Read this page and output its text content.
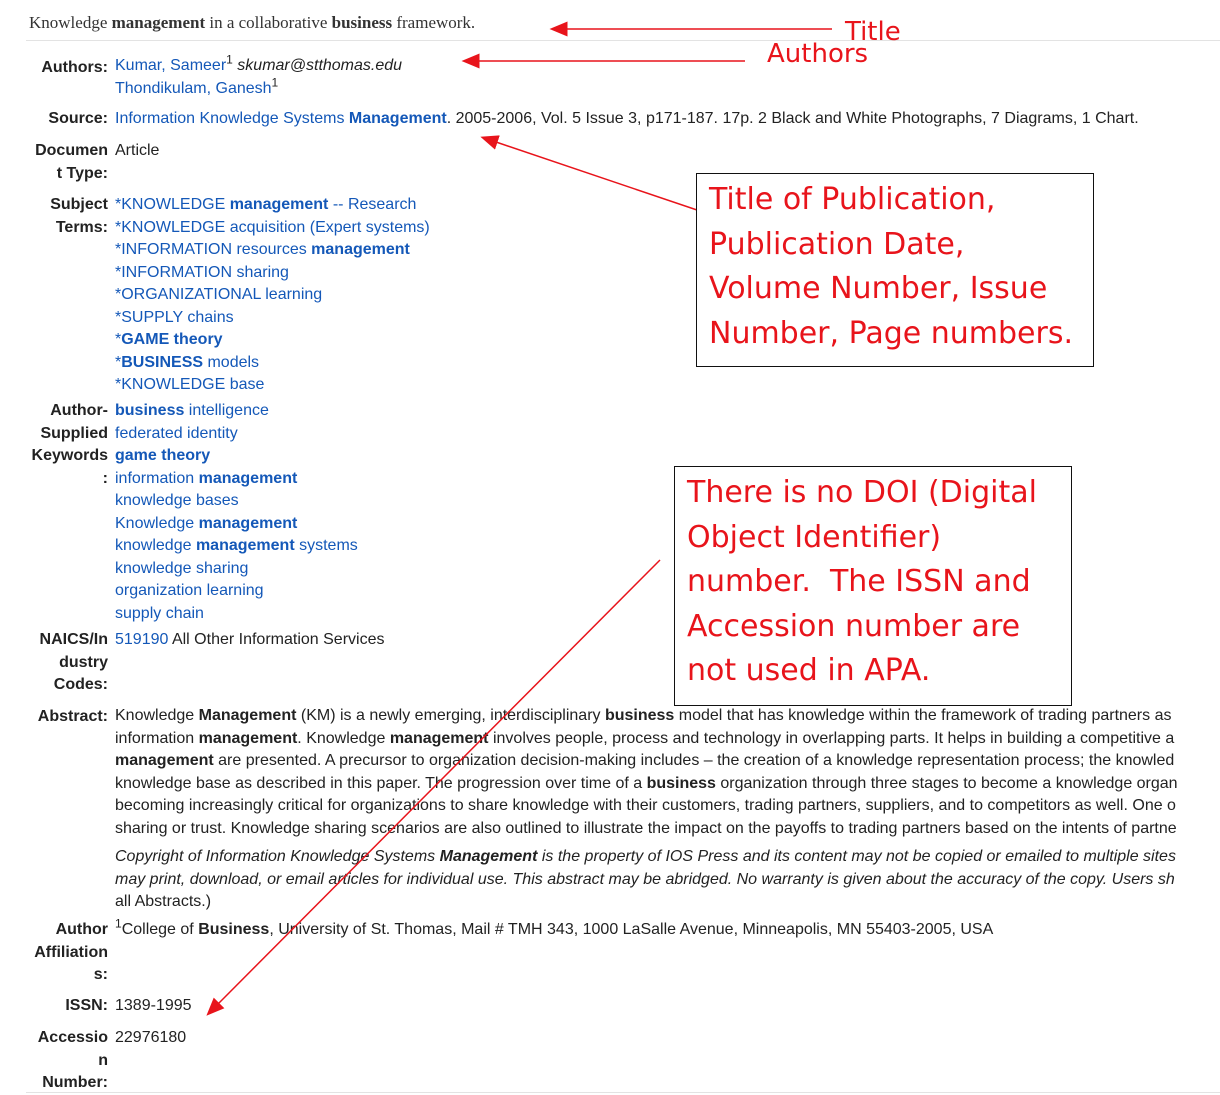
Knowledge management in a collaborative business framework.
Authors: Kumar, Sameer$^1$ skumar@stthomas.edu
Thondikulam, Ganesh$^1$
Source: Information Knowledge Systems Management. 2005-2006, Vol. 5 Issue 3, p171-187. 17p. 2 Black and White Photographs, 7 Diagrams, 1 Chart.
Documen
t Type:
Article
Subject
Terms:
*KNOWLEDGE management -- Research
*KNOWLEDGE acquisition (Expert systems)
*INFORMATION resources management
*INFORMATION sharing
*ORGANIZATIONAL learning
*SUPPLY chains
*GAME theory
*BUSINESS models
*KNOWLEDGE base
Author-
Supplied
Keywords
:
business intelligence
federated identity
game theory
information management
knowledge bases
Knowledge management
knowledge management systems
knowledge sharing
organization learning
supply chain
NAICS/In
dustry
Codes:
519190 All Other Information Services
Abstract: Knowledge Management (KM) is a newly emerging, interdisciplinary business model that has knowledge within the framework of trading partners as
information management. Knowledge management involves people, process and technology in overlapping parts. It helps in building a competitive a
management are presented. A precursor to organization decision-making includes – the creation of a knowledge representation process; the knowled
knowledge base as described in this paper. The progression over time of a business organization through three stages to become a knowledge organ
becoming increasingly critical for organizations to share knowledge with their customers, trading partners, suppliers, and to competitors as well. One o
sharing or trust. Knowledge sharing scenarios are also outlined to illustrate the impact on the payoffs to trading partners based on the intents of partne
Copyright of Information Knowledge Systems Management is the property of IOS Press and its content may not be copied or emailed to multiple sites
may print, download, or email articles for individual use. This abstract may be abridged. No warranty is given about the accuracy of the copy. Users sh
all Abstracts.)
Author
Affiliation
s:
$^1$College of Business, University of St. Thomas, Mail # TMH 343, 1000 LaSalle Avenue, Minneapolis, MN 55403-2005, USA
ISSN: 1389-1995
Accessio
n
Number:
22976180
Title
Authors
Title of Publication,
Publication Date,
Volume Number, Issue
Number, Page numbers.
There is no DOI (Digital
Object Identifier)
number.  The ISSN and
Accession number are
not used in APA.
